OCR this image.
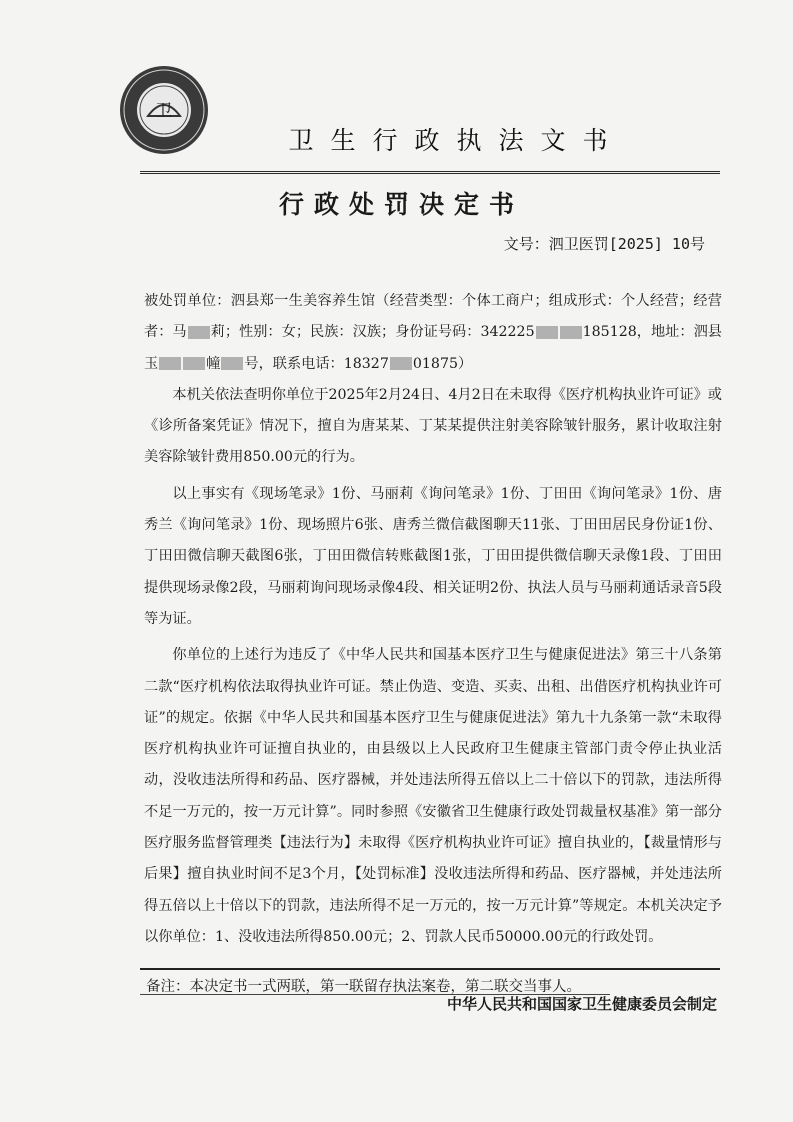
卫
卫生行政执法文书
行政处罚决定书
文号：泗卫医罚[2025] 10号

被处罚单位：泗县郑一生美容养生馆（经营类型：个体工商户；组成形式：个人经营；经营者：马 莉；性别：女；民族：汉族；身份证号码：342225	185128，地址：泗县玉	幢 号，联系电话：18327 01875）

本机关依法查明你单位于2025年2月24日、4月2日在未取得《医疗机构执业许可证》或《诊所备案凭证》情况下，擅自为唐某某、丁某某提供注射美容除皱针服务，累计收取注射美容除皱针费用850.00元的行为。

以上事实有《现场笔录》1份、马丽莉《询问笔录》1份、丁田田《询问笔录》1份、唐秀兰《询问笔录》1份、现场照片6张、唐秀兰微信截图聊天11张、丁田田居民身份证1份、丁田田微信聊天截图6张，丁田田微信转账截图1张，丁田田提供微信聊天录像1段、丁田田提供现场录像2段，马丽莉询问现场录像4段、相关证明2份、执法人员与马丽莉通话录音5段等为证。

你单位的上述行为违反了《中华人民共和国基本医疗卫生与健康促进法》第三十八条第二款“医疗机构依法取得执业许可证。禁止伪造、变造、买卖、出租、出借医疗机构执业许可证”的规定。依据《中华人民共和国基本医疗卫生与健康促进法》第九十九条第一款“未取得医疗机构执业许可证擅自执业的，由县级以上人民政府卫生健康主管部门责令停止执业活动，没收违法所得和药品、医疗器械，并处违法所得五倍以上二十倍以下的罚款，违法所得不足一万元的，按一万元计算”。同时参照《安徽省卫生健康行政处罚裁量权基准》第一部分医疗服务监督管理类【违法行为】未取得《医疗机构执业许可证》擅自执业的，【裁量情形与后果】擅自执业时间不足3个月，【处罚标准】没收违法所得和药品、医疗器械，并处违法所得五倍以上十倍以下的罚款，违法所得不足一万元的，按一万元计算”等规定。本机关决定予以你单位：1、没收违法所得850.00元；2、罚款人民币50000.00元的行政处罚。

备注：本决定书一式两联，第一联留存执法案卷，第二联交当事人。
中华人民共和国国家卫生健康委员会制定
